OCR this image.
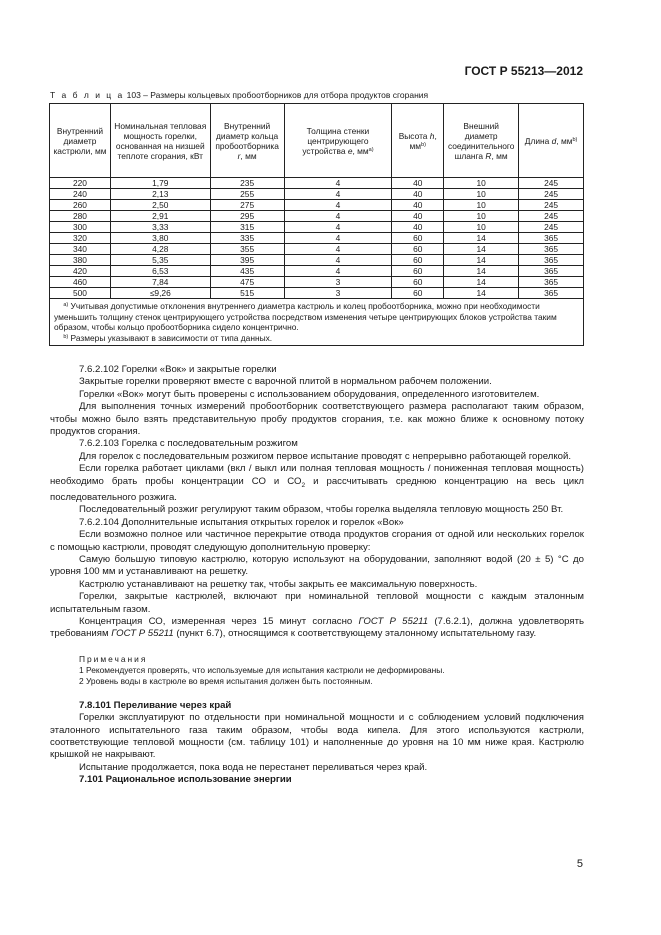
ГОСТ Р 55213—2012
Т а б л и ц а 103 – Размеры кольцевых пробоотборников для отбора продуктов сгорания
Внутренний диаметр кастрюли, мм	Номинальная тепловая мощность горелки, основанная на низшей теплоте сгорания, кВт	Внутренний диаметр кольца пробоотборника r, мм	Толщина стенки центрирующего устройства e, $мм^{a)}$	Высота h, $мм^{b)}$	Внешний диаметр соединительного шланга R, мм	Длина d, $мм^{b)}$
220	1,79	235	4	40	10	245
240	2,13	255	4	40	10	245
260	2,50	275	4	40	10	245
280	2,91	295	4	40	10	245
300	3,33	315	4	40	10	245
320	3,80	335	4	60	14	365
340	4,28	355	4	60	14	365
380	5,35	395	4	60	14	365
420	6,53	435	4	60	14	365
460	7,84	475	3	60	14	365
500	≤9,26	515	3	60	14	365

$^{a)}$ Учитывая допустимые отклонения внутреннего диаметра кастрюль и колец пробоотборника, можно при необходимости уменьшить толщину стенок центрирующего устройства посредством изменения четыре центрирующих блоков устройства таким образом, чтобы кольцо пробоотборника сидело концентрично.
$^{b)}$ Размеры указывают в зависимости от типа данных.						

7.6.2.102 Горелки «Вок» и закрытые горелки

Закрытые горелки проверяют вместе с варочной плитой в нормальном рабочем положении.

Горелки «Вок» могут быть проверены с использованием оборудования, определенного изготовителем.

Для выполнения точных измерений пробоотборник соответствующего размера располагают таким образом, чтобы можно было взять представительную пробу продуктов сгорания, т.е. как можно ближе к основному потоку продуктов сгорания.

7.6.2.103 Горелка с последовательным розжигом

Для горелок с последовательным розжигом первое испытание проводят с непрерывно работающей горелкой.

Если горелка работает циклами (вкл / выкл или полная тепловая мощность / пониженная тепловая мощность) необходимо брать пробы концентрации СО и $СО_2$ и рассчитывать среднюю концентрацию на весь цикл последовательного розжига.

Последовательный розжиг регулируют таким образом, чтобы горелка выделяла тепловую мощность 250 Вт.

7.6.2.104 Дополнительные испытания открытых горелок и горелок «Вок»

Если возможно полное или частичное перекрытие отвода продуктов сгорания от одной или нескольких горелок с помощью кастрюли, проводят следующую дополнительную проверку:

Самую большую типовую кастрюлю, которую используют на оборудовании, заполняют водой (20 ± 5) °С до уровня 100 мм и устанавливают на решетку.

Кастрюлю устанавливают на решетку так, чтобы закрыть ее максимальную поверхность.

Горелки, закрытые кастрюлей, включают при номинальной тепловой мощности с каждым эталонным испытательным газом.

Концентрация СО, измеренная через 15 минут согласно ГОСТ Р 55211 (7.6.2.1), должна удовлетворять требованиям ГОСТ Р 55211 (пункт 6.7), относящимся к соответствующему эталонному испытательному газу.

Примечания
1 Рекомендуется проверять, что используемые для испытания кастрюли не деформированы.
2 Уровень воды в кастрюле во время испытания должен быть постоянным.

7.8.101 Переливание через край

Горелки эксплуатируют по отдельности при номинальной мощности и с соблюдением условий подключения эталонного испытательного газа таким образом, чтобы вода кипела. Для этого используются кастрюли, соответствующие тепловой мощности (см. таблицу 101) и наполненные до уровня на 10 мм ниже края. Кастрюлю крышкой не накрывают.

Испытание продолжается, пока вода не перестанет переливаться через край.

7.101 Рациональное использование энергии

5
